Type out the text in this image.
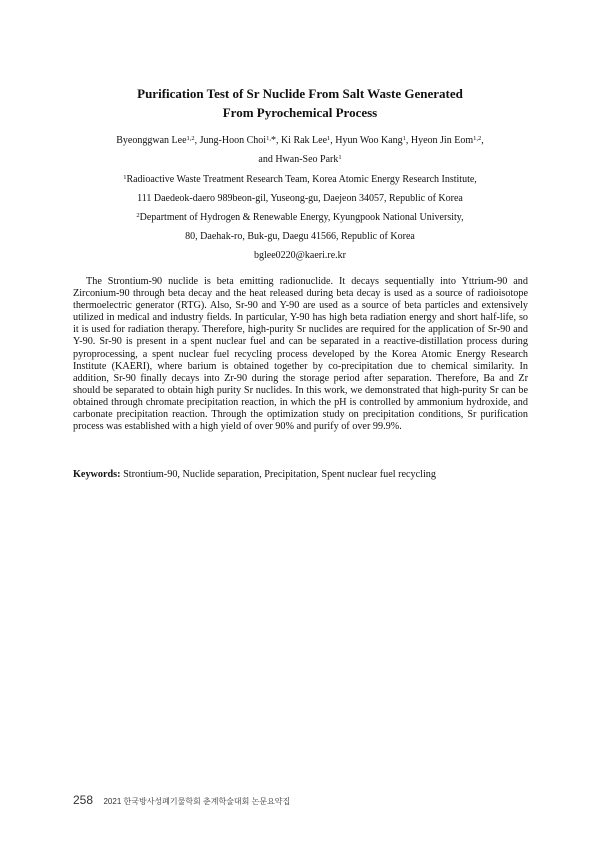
Purification Test of Sr Nuclide From Salt Waste Generated
From Pyrochemical Process
Byeonggwan Lee$^{1,2}$, Jung-Hoon Choi$^{1,}$*, Ki Rak Lee$^1$, Hyun Woo Kang$^1$, Hyeon Jin Eom$^{1,2}$,
and Hwan-Seo Park$^1$
$^1$Radioactive Waste Treatment Research Team, Korea Atomic Energy Research Institute,
111 Daedeok-daero 989beon-gil, Yuseong-gu, Daejeon 34057, Republic of Korea
$^2$Department of Hydrogen & Renewable Energy, Kyungpook National University,
80, Daehak-ro, Buk-gu, Daegu 41566, Republic of Korea
bglee0220@kaeri.re.kr
The Strontium-90 nuclide is beta emitting radionuclide. It decays sequentially into Yttrium-90 and Zirconium-90 through beta decay and the heat released during beta decay is used as a source of radioisotope thermoelectric generator (RTG). Also, Sr-90 and Y-90 are used as a source of beta particles and extensively utilized in medical and industry fields. In particular, Y-90 has high beta radiation energy and short half-life, so it is used for radiation therapy. Therefore, high-purity Sr nuclides are required for the application of Sr-90 and Y-90. Sr-90 is present in a spent nuclear fuel and can be separated in a reactive-distillation process during pyroprocessing, a spent nuclear fuel recycling process developed by the Korea Atomic Energy Research Institute (KAERI), where barium is obtained together by co-precipitation due to chemical similarity. In addition, Sr-90 finally decays into Zr-90 during the storage period after separation. Therefore, Ba and Zr should be separated to obtain high purity Sr nuclides. In this work, we demonstrated that high-purity Sr can be obtained through chromate precipitation reaction, in which the pH is controlled by ammonium hydroxide, and carbonate precipitation reaction. Through the optimization study on precipitation conditions, Sr purification process was established with a high yield of over 90% and purify of over 99.9%.
Keywords: Strontium-90, Nuclide separation, Precipitation, Spent nuclear fuel recycling
258 2021 한국방사성폐기물학회 춘계학술대회 논문요약집
